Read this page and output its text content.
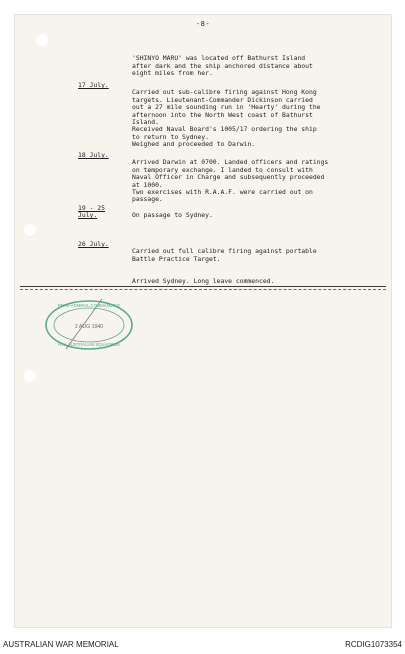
-8-

'SHINYO MARU' was located off Bathurst Island
after dark and the ship anchored distance about
eight miles from her.

17 July.

Carried out sub-calibre firing against Hong Kong
targets. Lieutenant-Commander Dickinson carried
out a 27 mile sounding run in 'Hearty' during the
afternoon into the North West coast of Bathurst
Island.
Received Naval Board's 1005/17 ordering the ship
to return to Sydney.
Weighed and proceeded to Darwin.

18 July.

Arrived Darwin at 0700. Landed officers and ratings
on temporary exchange. I landed to consult with
Naval Officer in Charge and subsequently proceeded
at 1000.
Two exercises with R.A.A.F. were carried out on
passage.

19 - 25
July.	On passage to Sydney.

26 July.

Carried out full calibre firing against portable
Battle Practice Target.

Arrived Sydney. Long leave commenced.

REAR-ADMIRAL COMMANDING
2 AUG 1940
H.M. AUSTRALIAN SQUADRON
AUSTRALIAN WAR MEMORIAL	RCDIG1073354
